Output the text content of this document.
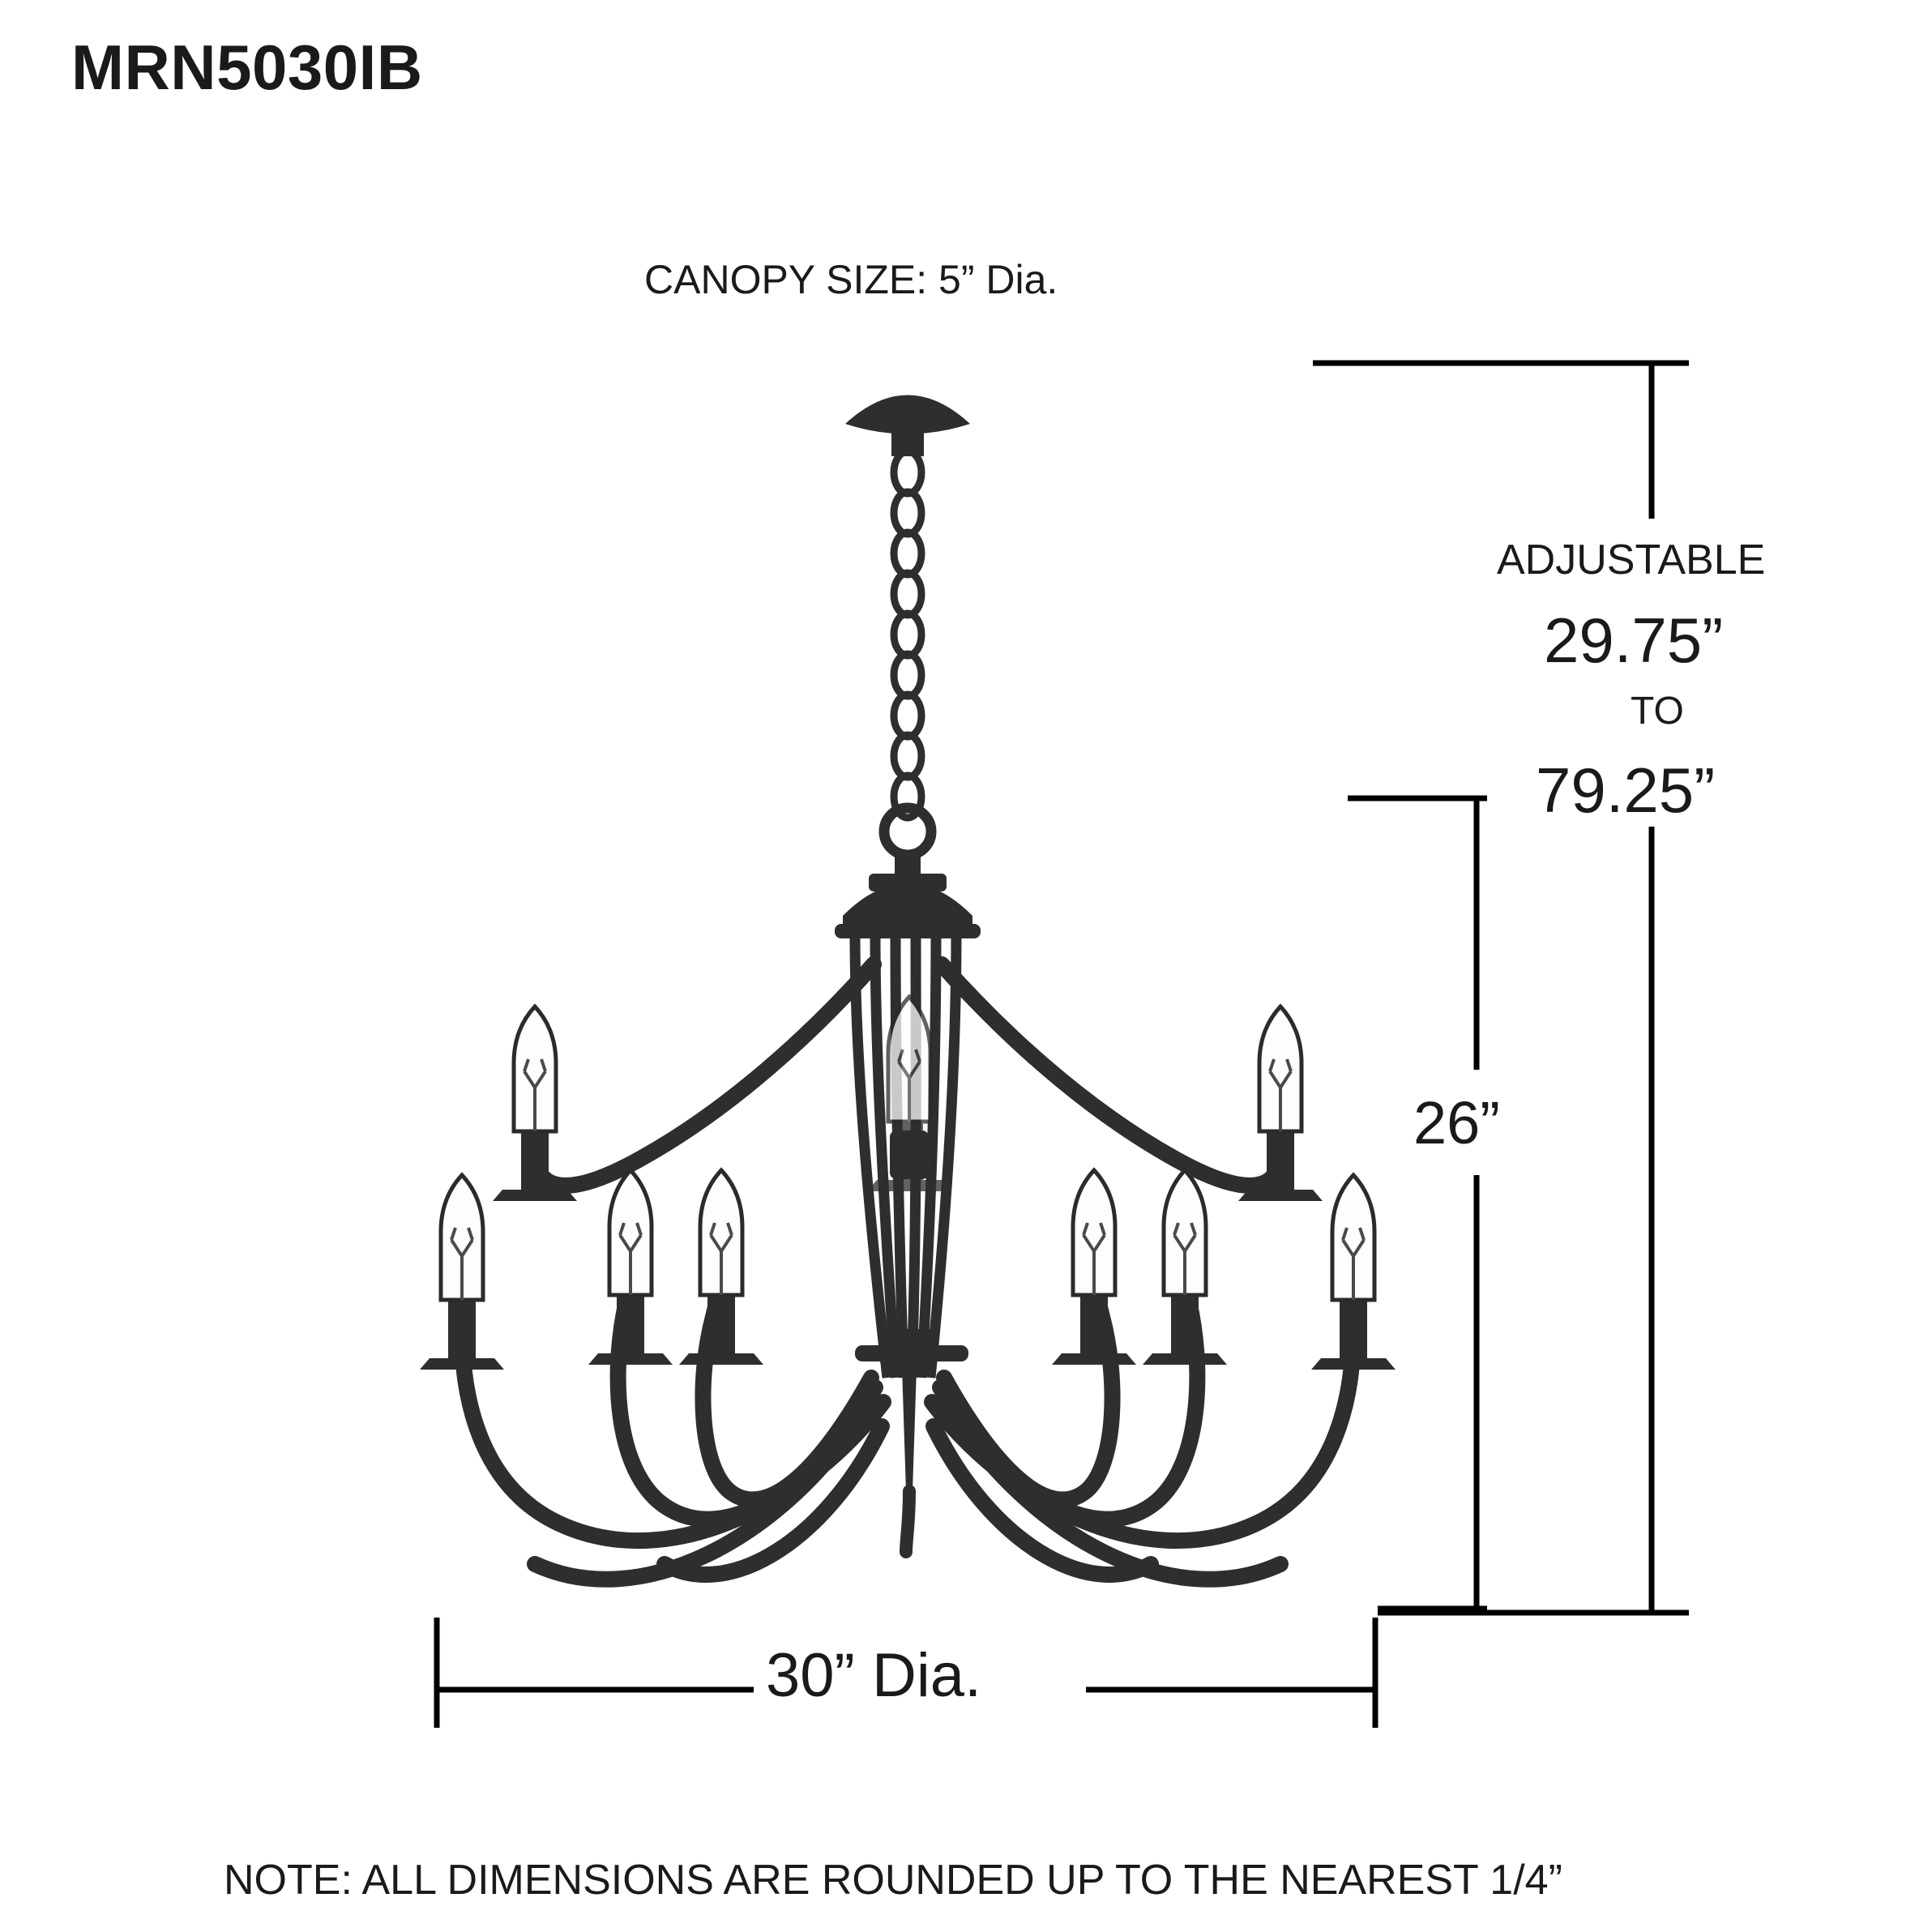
MRN5030IB
CANOPY SIZE: 5” Dia.
ADJUSTABLE
29.75”
TO
79.25”
26”
30” Dia.
NOTE: ALL DIMENSIONS ARE ROUNDED UP TO THE NEAREST 1/4”
